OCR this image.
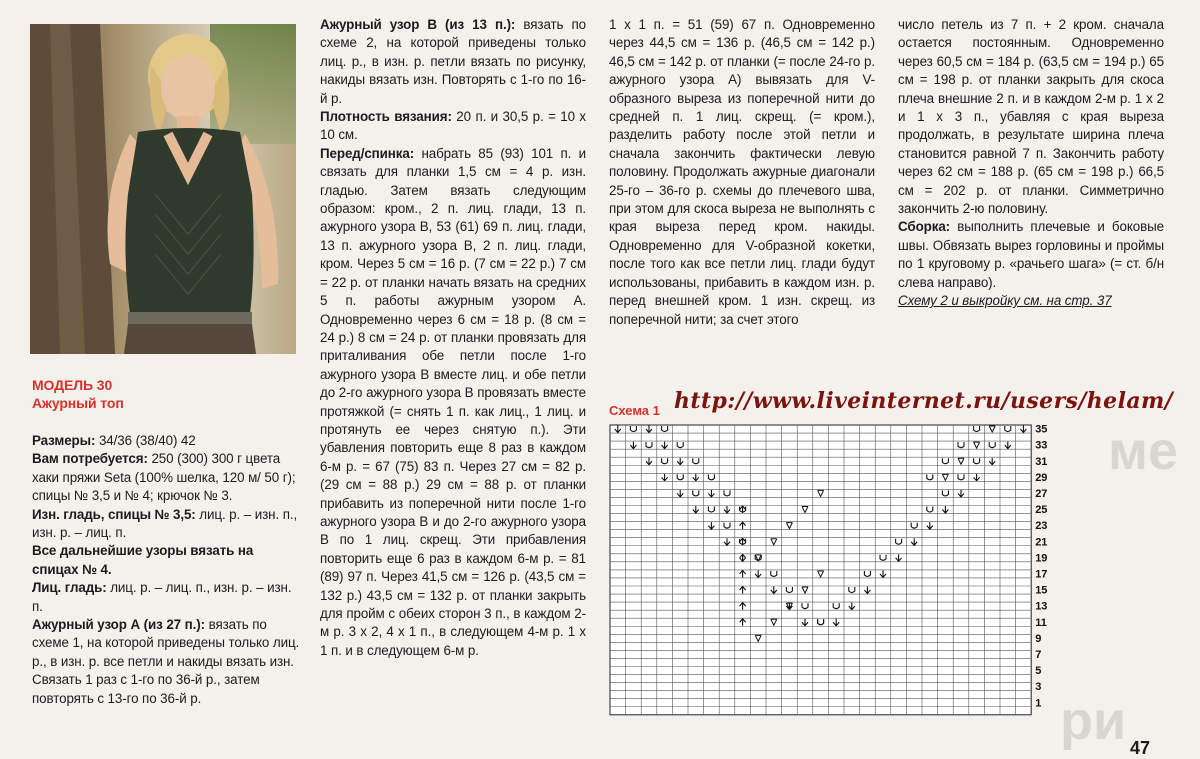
ме
ри

МОДЕЛЬ 30

Ажурный топ

Размеры: 34/36 (38/40) 42

Вам потребуется: 250 (300) 300 г цвета хаки пряжи Seta (100% шелка, 120 м/ 50 г); спицы № 3,5 и № 4; крючок № 3.

Изн. гладь, спицы № 3,5: лиц. р. – изн. п., изн. р. – лиц. п.

Все дальнейшие узоры вязать на спицах № 4.

Лиц. гладь: лиц. р. – лиц. п., изн. р. – изн. п.

Ажурный узор А (из 27 п.): вязать по схеме 1, на которой приведены только лиц. р., в изн. р. все петли и накиды вязать изн. Связать 1 раз с 1-го по 36-й р., затем повторять с 13-го по 36-й р.

Ажурный узор В (из 13 п.): вязать по схеме 2, на которой приведены только лиц. р., в изн. р. петли вязать по рисунку, накиды вязать изн. Повторять с 1-го по 16-й р.

Плотность вязания: 20 п. и 30,5 р. = 10 х 10 см.

Перед/спинка: набрать 85 (93) 101 п. и связать для планки 1,5 см = 4 р. изн. гладью. Затем вязать следующим образом: кром., 2 п. лиц. глади, 13 п. ажурного узора В, 53 (61) 69 п. лиц. глади, 13 п. ажурного узора В, 2 п. лиц. глади, кром. Через 5 см = 16 р. (7 см = 22 р.) 7 см = 22 р. от планки начать вязать на средних 5 п. работы ажурным узором А. Одновременно через 6 см = 18 р. (8 см = 24 р.) 8 см = 24 р. от планки провязать для приталивания обе петли после 1-го ажурного узора В вместе лиц. и обе петли до 2-го ажурного узора В провязать вместе протяжкой (= снять 1 п. как лиц., 1 лиц. и протянуть ее через снятую п.). Эти убавления повторить еще 8 раз в каждом 6-м р. = 67 (75) 83 п. Через 27 см = 82 р. (29 см = 88 р.) 29 см = 88 р. от планки прибавить из поперечной нити после 1-го ажурного узора В и до 2-го ажурного узора В по 1 лиц. скрещ. Эти прибавления повторить еще 6 раз в каждом 6-м р. = 81 (89) 97 п. Через 41,5 см = 126 р. (43,5 см = 132 р.) 43,5 см = 132 р. от планки закрыть для пройм с обеих сторон 3 п., в каждом 2-м р. 3 х 2, 4 х 1 п., в следующем 4-м р. 1 х 1 п. и в следующем 6-м р.

1 х 1 п. = 51 (59) 67 п. Одновременно через 44,5 см = 136 р. (46,5 см = 142 р.) 46,5 см = 142 р. от планки (= после 24-го р. ажурного узора А) вывязать для V-образного выреза из поперечной нити до средней п. 1 лиц. скрещ. (= кром.), разделить работу после этой петли и сначала закончить фактически левую половину. Продолжать ажурные диагонали 25-го – 36-го р. схемы до плечевого шва, при этом для скоса выреза не выполнять с края выреза перед кром. накиды. Одновременно для V-образной кокетки, после того как все петли лиц. глади будут использованы, прибавить в каждом изн. р. перед внешней кром. 1 изн. скрещ. из поперечной нити; за счет этого

число петель из 7 п. + 2 кром. сначала остается постоянным. Одновременно через 60,5 см = 184 р. (63,5 см = 194 р.) 65 см = 198 р. от планки закрыть для скоса плеча внешние 2 п. и в каждом 2-м р. 1 х 2 и 1 х 3 п., убавляя с края выреза продолжать, в результате ширина плеча становится равной 7 п. Закончить работу через 62 см = 188 р. (65 см = 198 р.) 66,5 см = 202 р. от планки. Симметрично закончить 2-ю половину.

Сборка: выполнить плечевые и боковые швы. Обвязать вырез горловины и проймы по 1 круговому р. «рачьего шага» (= ст. б/н слева направо).

Схему 2 и выкройку см. на стр. 37

Схема 1 http://www.liveinternet.ru/users/helam/
35
33
31
29
27
25
23
21
19
17
15
13
11
9
7
5
3
1
47
